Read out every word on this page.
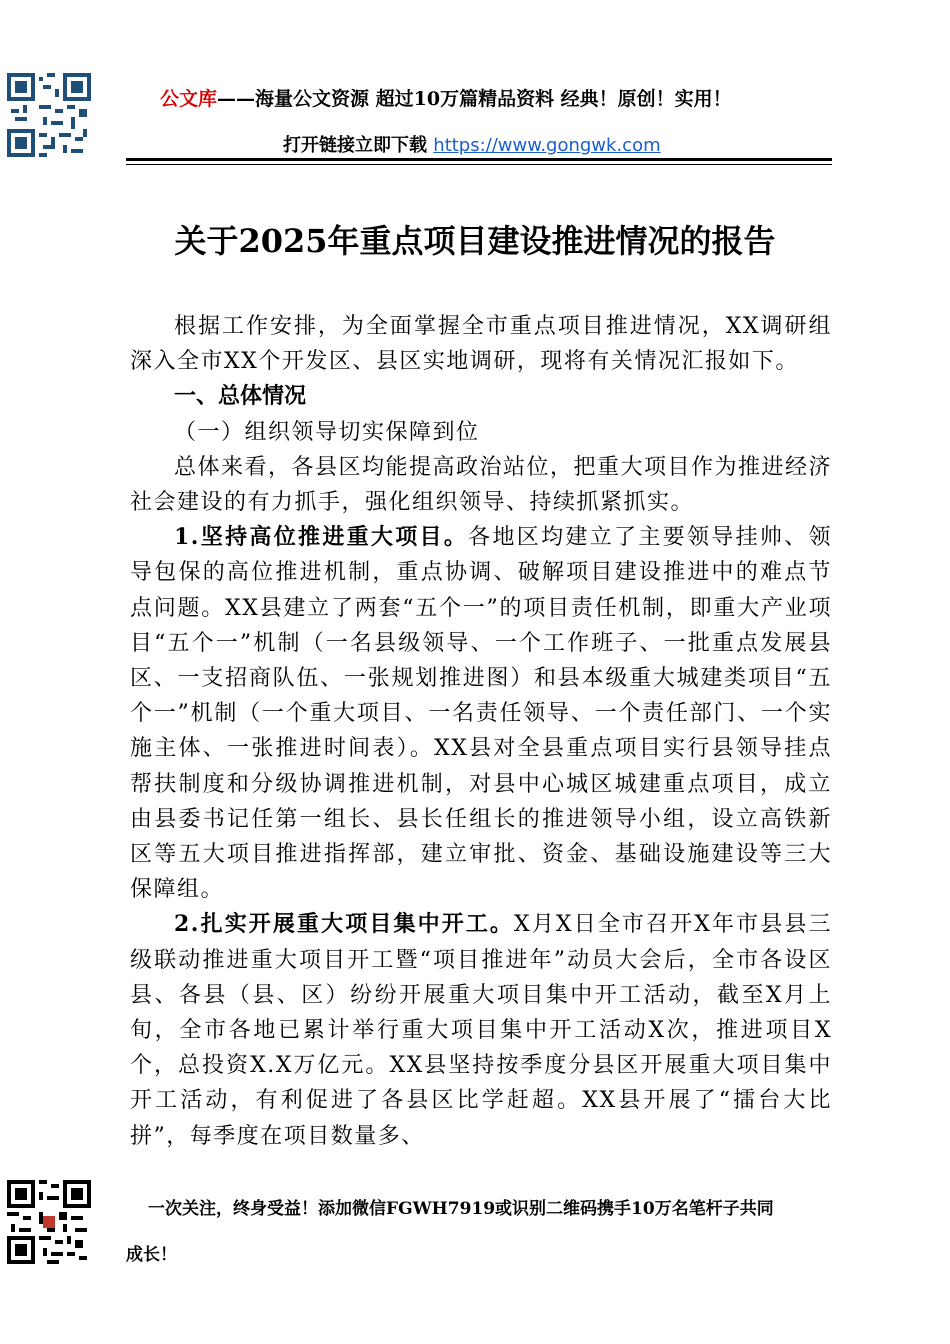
公文库——海量公文资源 超过10万篇精品资料 经典！原创！实用！
打开链接立即下载 https://www.gongwk.com
关于2025年重点项目建设推进情况的报告

根据工作安排，为全面掌握全市重点项目推进情况，XX调研组深入全市XX个开发区、县区实地调研，现将有关情况汇报如下。

一、总体情况

（一）组织领导切实保障到位

总体来看，各县区均能提高政治站位，把重大项目作为推进经济社会建设的有力抓手，强化组织领导、持续抓紧抓实。

1.坚持高位推进重大项目。各地区均建立了主要领导挂帅、领导包保的高位推进机制，重点协调、破解项目建设推进中的难点节点问题。XX县建立了两套“五个一”的项目责任机制，即重大产业项目“五个一”机制（一名县级领导、一个工作班子、一批重点发展县区、一支招商队伍、一张规划推进图）和县本级重大城建类项目“五个一”机制（一个重大项目、一名责任领导、一个责任部门、一个实施主体、一张推进时间表）。XX县对全县重点项目实行县领导挂点帮扶制度和分级协调推进机制，对县中心城区城建重点项目，成立由县委书记任第一组长、县长任组长的推进领导小组，设立高铁新区等五大项目推进指挥部，建立审批、资金、基础设施建设等三大保障组。

2.扎实开展重大项目集中开工。X月X日全市召开X年市县县三级联动推进重大项目开工暨“项目推进年”动员大会后，全市各设区县、各县（县、区）纷纷开展重大项目集中开工活动，截至X月上旬，全市各地已累计举行重大项目集中开工活动X次，推进项目X个，总投资X.X万亿元。XX县坚持按季度分县区开展重大项目集中开工活动，有利促进了各县区比学赶超。XX县开展了“擂台大比拼”，每季度在项目数量多、

一次关注，终身受益！添加微信FGWH7919或识别二维码携手10万名笔杆子共同
成长！
